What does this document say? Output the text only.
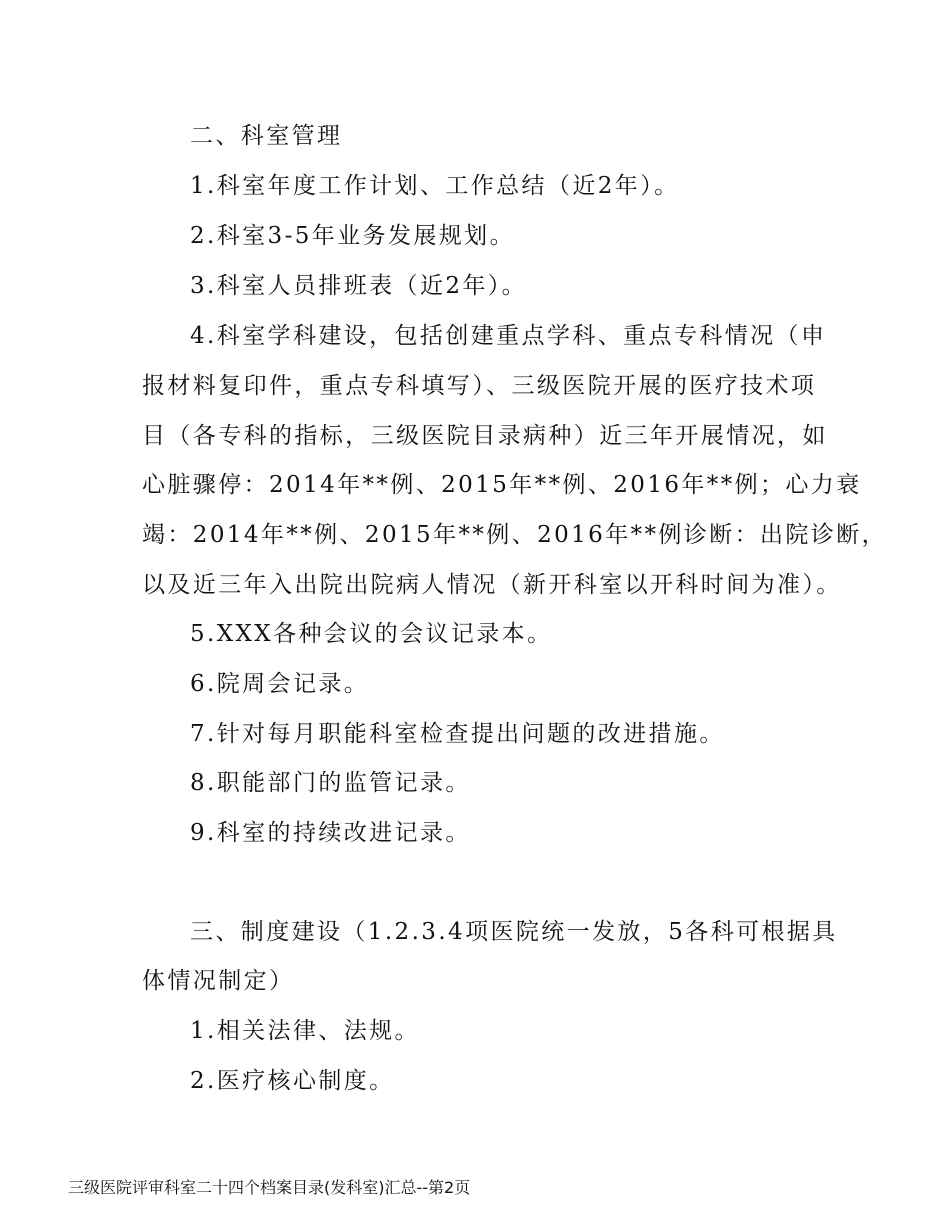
二、科室管理
1.科室年度工作计划、工作总结（近2年）。
2.科室3-5年业务发展规划。
3.科室人员排班表（近2年）。
4.科室学科建设，包括创建重点学科、重点专科情况（申
报材料复印件，重点专科填写）、三级医院开展的医疗技术项
目（各专科的指标，三级医院目录病种）近三年开展情况，如
心脏骤停：2014年**例、2015年**例、2016年**例；心力衰
竭：2014年**例、2015年**例、2016年**例诊断：出院诊断，
以及近三年入出院出院病人情况（新开科室以开科时间为准）。
5.XXX各种会议的会议记录本。
6.院周会记录。
7.针对每月职能科室检查提出问题的改进措施。
8.职能部门的监管记录。
9.科室的持续改进记录。
三、制度建设（1.2.3.4项医院统一发放，5各科可根据具
体情况制定）
1.相关法律、法规。
2.医疗核心制度。
三级医院评审科室二十四个档案目录(发科室)汇总--第2页
